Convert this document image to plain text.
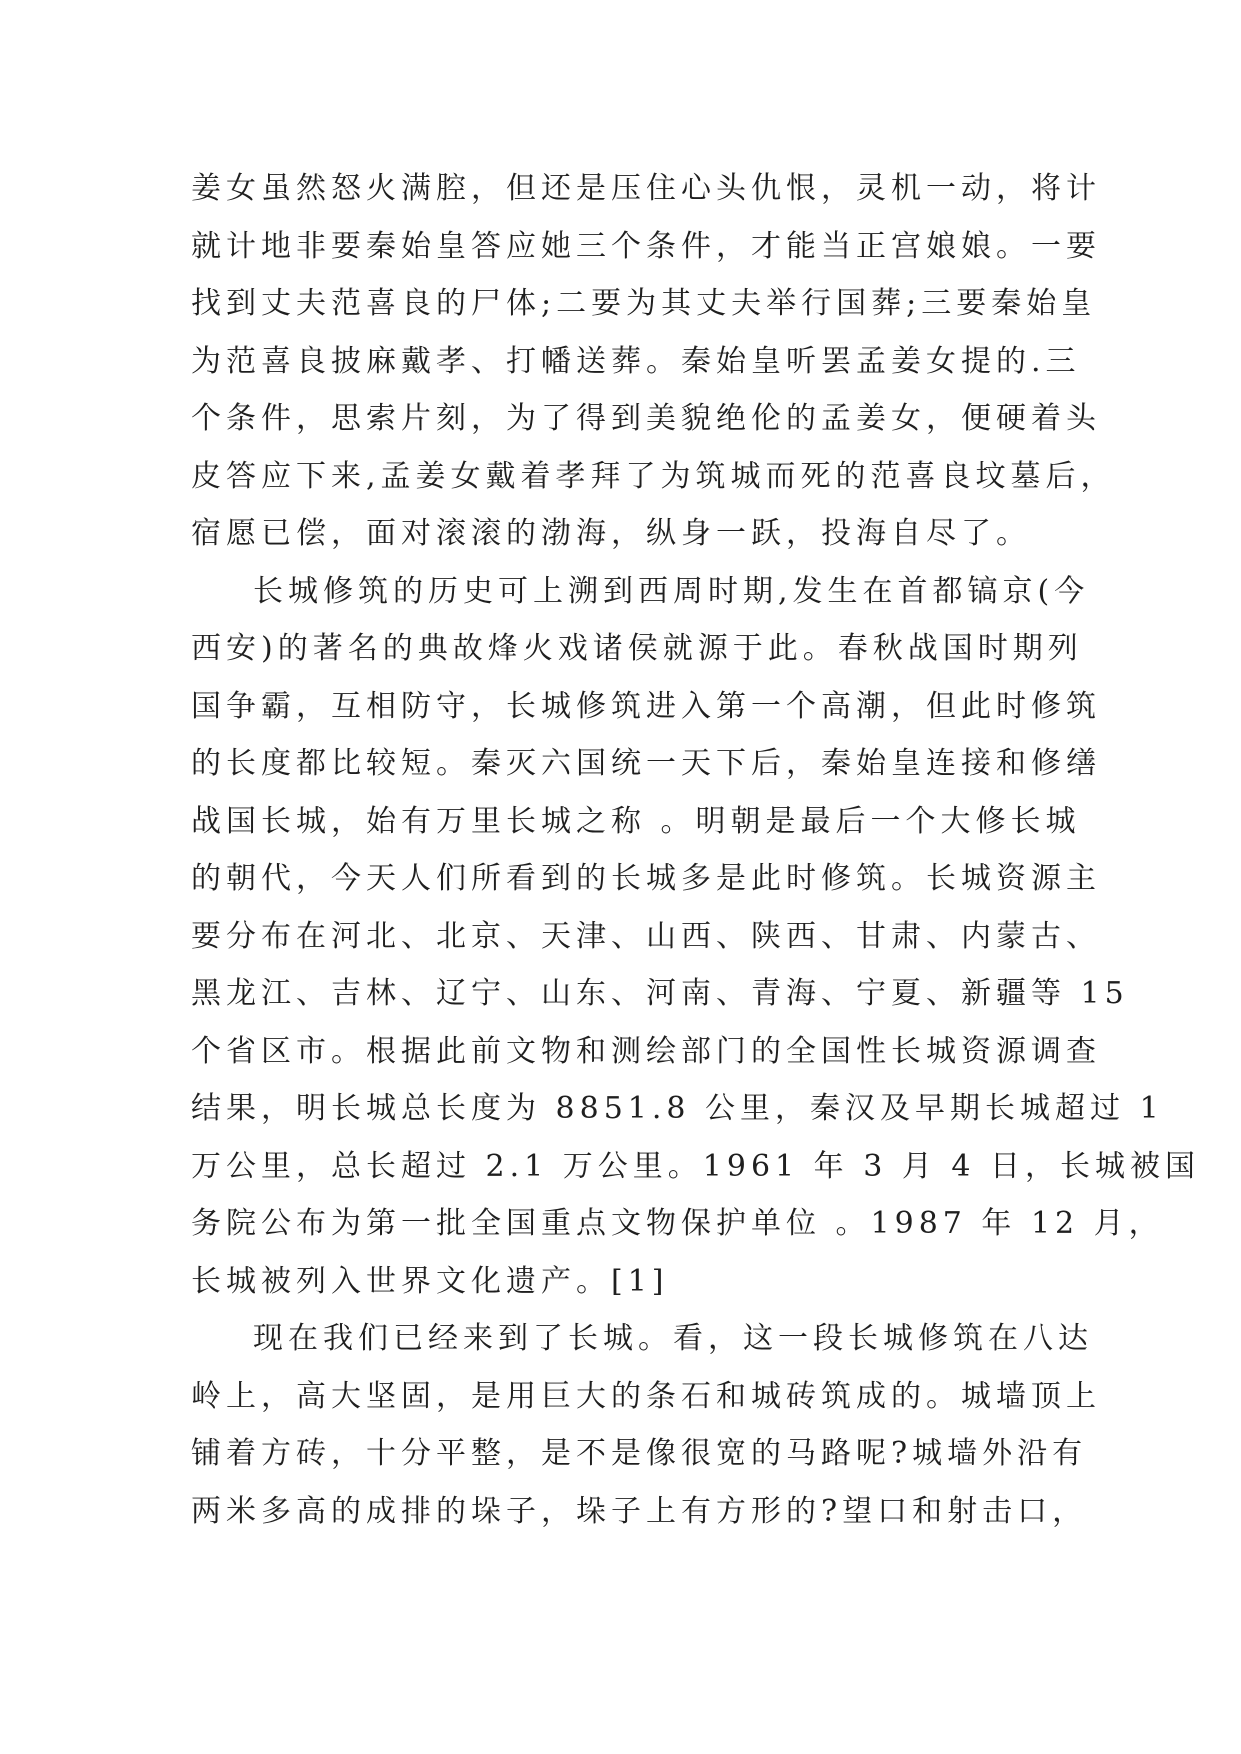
姜女虽然怒火满腔，但还是压住心头仇恨，灵机一动，将计
就计地非要秦始皇答应她三个条件，才能当正宫娘娘。一要
找到丈夫范喜良的尸体;二要为其丈夫举行国葬;三要秦始皇
为范喜良披麻戴孝、打幡送葬。秦始皇听罢孟姜女提的.三
个条件，思索片刻，为了得到美貌绝伦的孟姜女，便硬着头
皮答应下来,孟姜女戴着孝拜了为筑城而死的范喜良坟墓后，
宿愿已偿，面对滚滚的渤海，纵身一跃，投海自尽了。
长城修筑的历史可上溯到西周时期,发生在首都镐京(今
西安)的著名的典故烽火戏诸侯就源于此。春秋战国时期列
国争霸，互相防守，长城修筑进入第一个高潮，但此时修筑
的长度都比较短。秦灭六国统一天下后，秦始皇连接和修缮
战国长城，始有万里长城之称 。明朝是最后一个大修长城
的朝代，今天人们所看到的长城多是此时修筑。长城资源主
要分布在河北、北京、天津、山西、陕西、甘肃、内蒙古、
黑龙江、吉林、辽宁、山东、河南、青海、宁夏、新疆等 15
个省区市。根据此前文物和测绘部门的全国性长城资源调查
结果，明长城总长度为 8851.8 公里，秦汉及早期长城超过 1
万公里，总长超过 2.1 万公里。1961 年 3 月 4 日，长城被国
务院公布为第一批全国重点文物保护单位 。1987 年 12 月，
长城被列入世界文化遗产。[1]
现在我们已经来到了长城。看，这一段长城修筑在八达
岭上，高大坚固，是用巨大的条石和城砖筑成的。城墙顶上
铺着方砖，十分平整，是不是像很宽的马路呢?城墙外沿有
两米多高的成排的垛子，垛子上有方形的?望口和射击口，
